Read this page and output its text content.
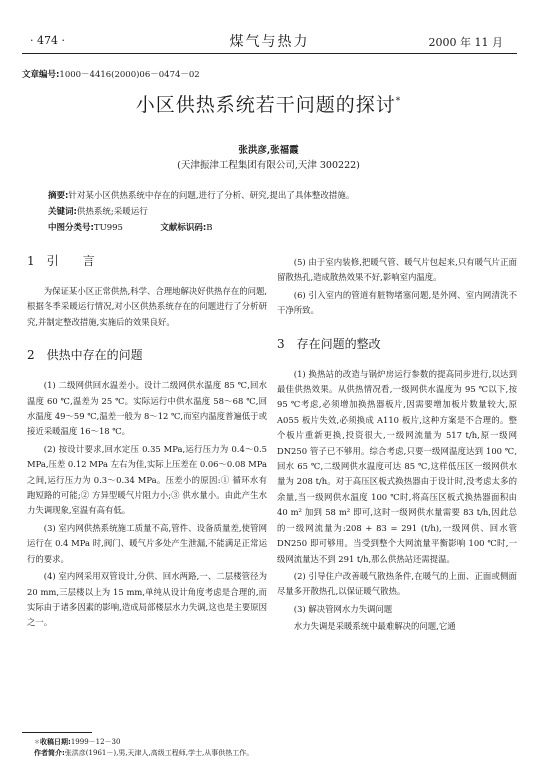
· 474 ·	煤气与热力	2000 年 11 月
文章编号:1000－4416(2000)06－0474－02
小区供热系统若干问题的探讨*
张洪彦,张福霞
(天津振津工程集团有限公司,天津 300222)
摘要:针对某小区供热系统中存在的问题,进行了分析、研究,提出了具体整改措施。
关键词:供热系统;采暖运行
中图分类号:TU995	文献标识码:B
1　引　　言

为保证某小区正常供热,科学、合理地解决好供热存在的问题,根据冬季采暖运行情况,对小区供热系统存在的问题进行了分析研究,并制定整改措施,实施后的效果良好。

2　供热中存在的问题

(1) 二级网供回水温差小。设计二级网供水温度 85 ℃,回水温度 60 ℃,温差为 25 ℃。实际运行中供水温度 58～68 ℃,回水温度 49～59 ℃,温差一般为 8～12 ℃,而室内温度普遍低于或接近采暖温度 16～18 ℃。

(2) 按设计要求,回水定压 0.35 MPa,运行压力为 0.4～0.5 MPa,压差 0.12 MPa 左右为佳,实际上压差在 0.06～0.08 MPa 之间,运行压力为 0.3～0.34 MPa。压差小的原因:① 循环水有跑短路的可能;② 方异型暖气片阻力小;③ 供水量小。由此产生水力失调现象,室温有高有低。

(3) 室内网供热系统施工质量不高,管件、设备质量差,使管网运行在 0.4 MPa 时,阀门、暖气片多处产生泄漏,不能满足正常运行的要求。

(4) 室内网采用双管设计,分供、回水两路,一、二层楼管径为 20 mm,三层楼以上为 15 mm,单纯从设计角度考虑是合理的,而实际由于诸多因素的影响,造成局部楼层水力失调,这也是主要原因之一。

(5) 由于室内装修,把暖气管、暖气片包起来,只有暖气片正面留散热孔,造成散热效果不好,影响室内温度。

(6) 引入室内的管道有脏物堵塞问题,是外网、室内网清洗不干净所致。

3　存在问题的整改

(1) 换热站的改造与锅炉房运行参数的提高同步进行,以达到最佳供热效果。从供热情况看,一级网供水温度为 95 ℃以下,按 95 ℃考虑,必须增加换热器板片,因需要增加板片数量较大,原 A055 板片失效,必须换成 A110 板片,这种方案是不合理的。整个板片重新更换,投资很大,一级网流量为 517 t/h,原一级网 DN250 管子已不够用。综合考虑,只要一级网温度达到 100 ℃,回水 65 ℃,二级网供水温度可达 85 ℃,这样低压区一级网供水量为 208 t/h。对于高压区板式换热器由于设计时,没考虑太多的余量,当一级网供水温度 100 ℃时,将高压区板式换热器面积由 40 m² 加到 58 m² 即可,这时一级网供水量需要 83 t/h,因此总的一级网流量为:208 + 83 = 291 (t/h),一级网供、回水管 DN250 即可够用。当受到整个大网流量平衡影响 100 ℃时,一级网流量达不到 291 t/h,那么供热站还需提温。

(2) 引导住户改善暖气散热条件,在暖气的上面、正面或侧面尽量多开散热孔,以保证暖气散热。

(3) 解决管网水力失调问题

水力失调是采暖系统中最难解决的问题,它通

＊收稿日期:1999－12－30
作者简介:张洪彦(1961－),男,天津人,高级工程师,学士,从事供热工作。
